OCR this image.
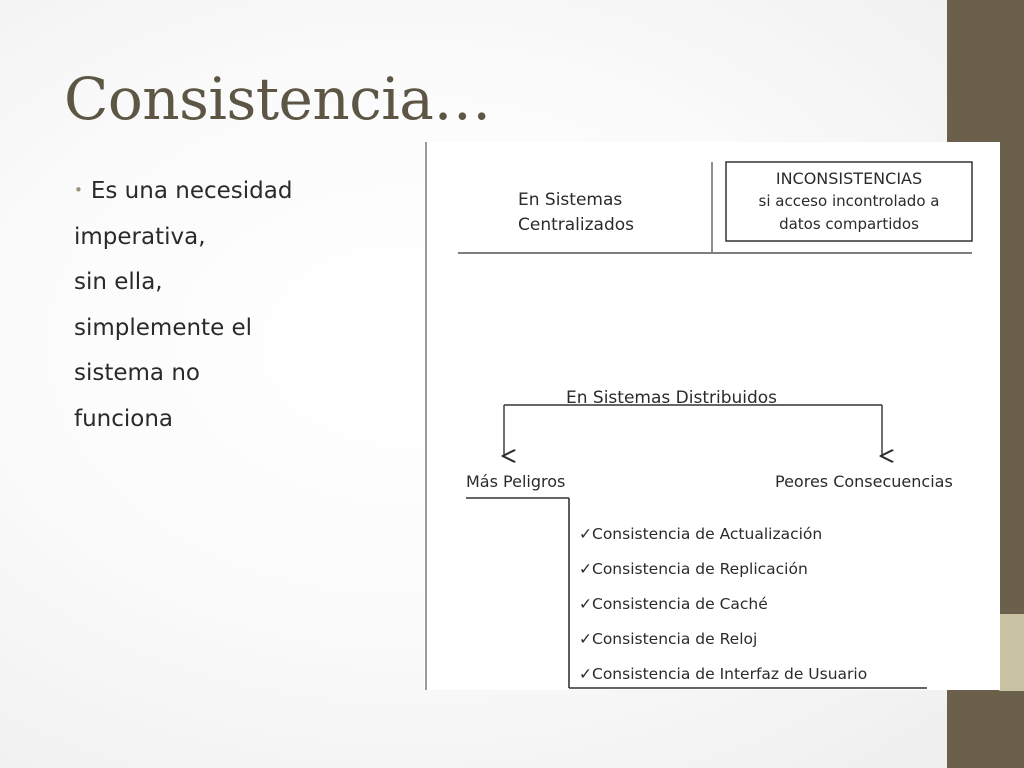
Consistencia…
• Es una necesidad
imperativa,
sin ella,
simplemente el
sistema no
funciona
En Sistemas
Centralizados
INCONSISTENCIAS
si acceso incontrolado a
datos compartidos
En Sistemas Distribuidos
Más Peligros	Peores Consecuencias
✓Consistencia de Actualización
✓Consistencia de Replicación
✓Consistencia de Caché
✓Consistencia de Reloj
✓Consistencia de Interfaz de Usuario
